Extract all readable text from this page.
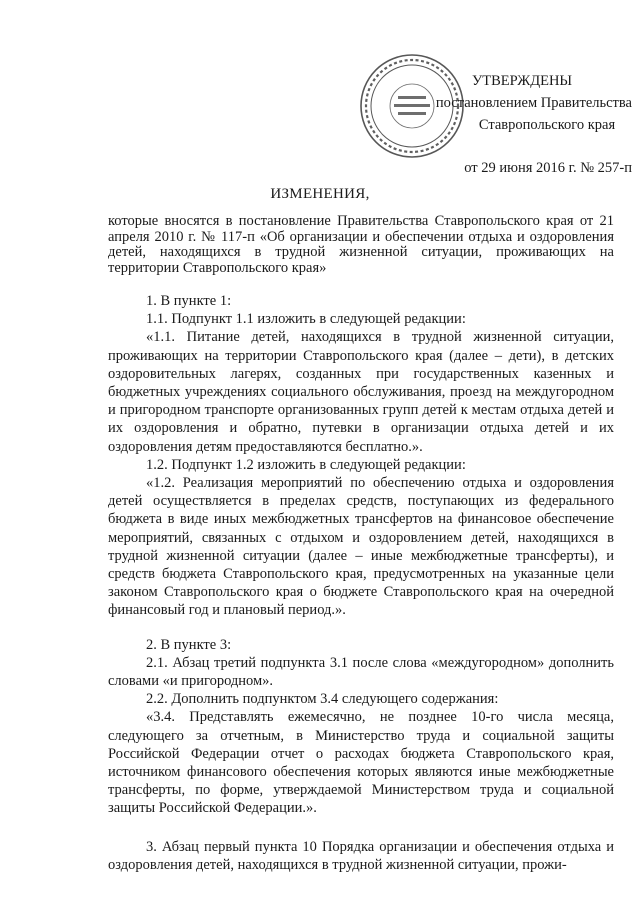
УТВЕРЖДЕНЫ
постановлением Правительства
Ставропольского края
от 29 июня 2016 г. № 257-п
ИЗМЕНЕНИЯ,
которые вносятся в постановление Правительства Ставропольского края от 21 апреля 2010 г. № 117-п «Об организации и обеспечении отдыха и оздоровления детей, находящихся в трудной жизненной ситуации, проживающих на территории Ставропольского края»

1. В пункте 1:

1.1. Подпункт 1.1 изложить в следующей редакции:

«1.1. Питание детей, находящихся в трудной жизненной ситуации, проживающих на территории Ставропольского края (далее – дети), в детских оздоровительных лагерях, созданных при государственных казенных и бюджетных учреждениях социального обслуживания, проезд на междугородном и пригородном транспорте организованных групп детей к местам отдыха детей и их оздоровления и обратно, путевки в организации отдыха детей и их оздоровления детям предоставляются бесплатно.».

1.2. Подпункт 1.2 изложить в следующей редакции:

«1.2. Реализация мероприятий по обеспечению отдыха и оздоровления детей осуществляется в пределах средств, поступающих из федерального бюджета в виде иных межбюджетных трансфертов на финансовое обеспечение мероприятий, связанных с отдыхом и оздоровлением детей, находящихся в трудной жизненной ситуации (далее – иные межбюджетные трансферты), и средств бюджета Ставропольского края, предусмотренных на указанные цели законом Ставропольского края о бюджете Ставропольского края на очередной финансовый год и плановый период.».

2. В пункте 3:

2.1. Абзац третий подпункта 3.1 после слова «междугородном» дополнить словами «и пригородном».

2.2. Дополнить подпунктом 3.4 следующего содержания:

«3.4. Представлять ежемесячно, не позднее 10-го числа месяца, следующего за отчетным, в Министерство труда и социальной защиты Российской Федерации отчет о расходах бюджета Ставропольского края, источником финансового обеспечения которых являются иные межбюджетные трансферты, по форме, утверждаемой Министерством труда и социальной защиты Российской Федерации.».

3. Абзац первый пункта 10 Порядка организации и обеспечения отдыха и оздоровления детей, находящихся в трудной жизненной ситуации, прожи-
